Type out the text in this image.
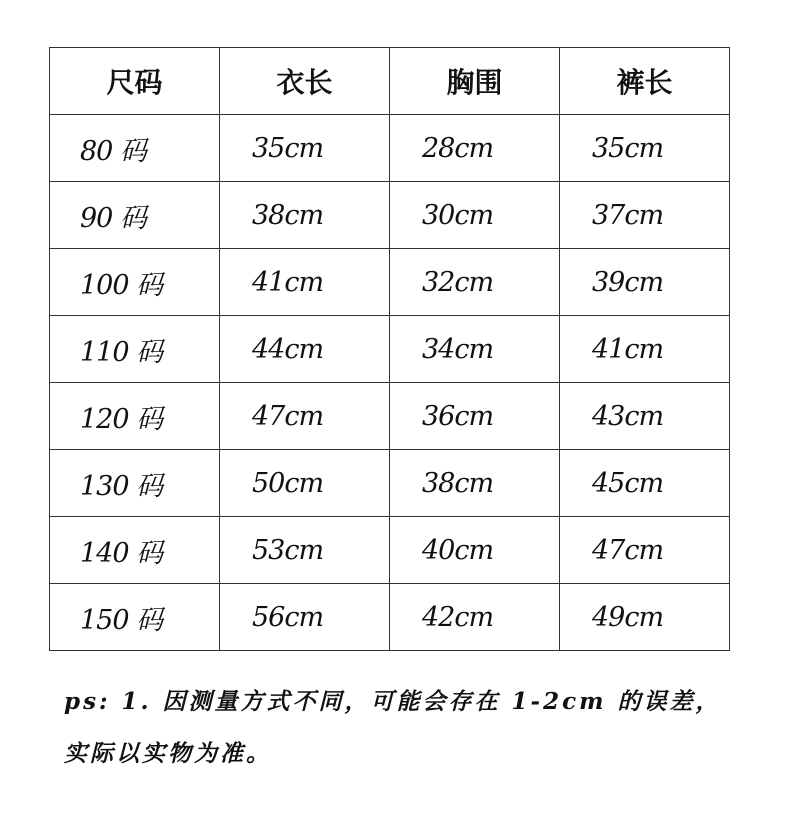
尺码	衣长	胸围	裤长
80 码	35cm	28cm	35cm
90 码	38cm	30cm	37cm
100 码	41cm	32cm	39cm
110 码	44cm	34cm	41cm
120 码	47cm	36cm	43cm
130 码	50cm	38cm	45cm
140 码	53cm	40cm	47cm
150 码	56cm	42cm	49cm
ps: 1. 因测量方式不同，可能会存在 1-2cm 的误差，
实际以实物为准。
